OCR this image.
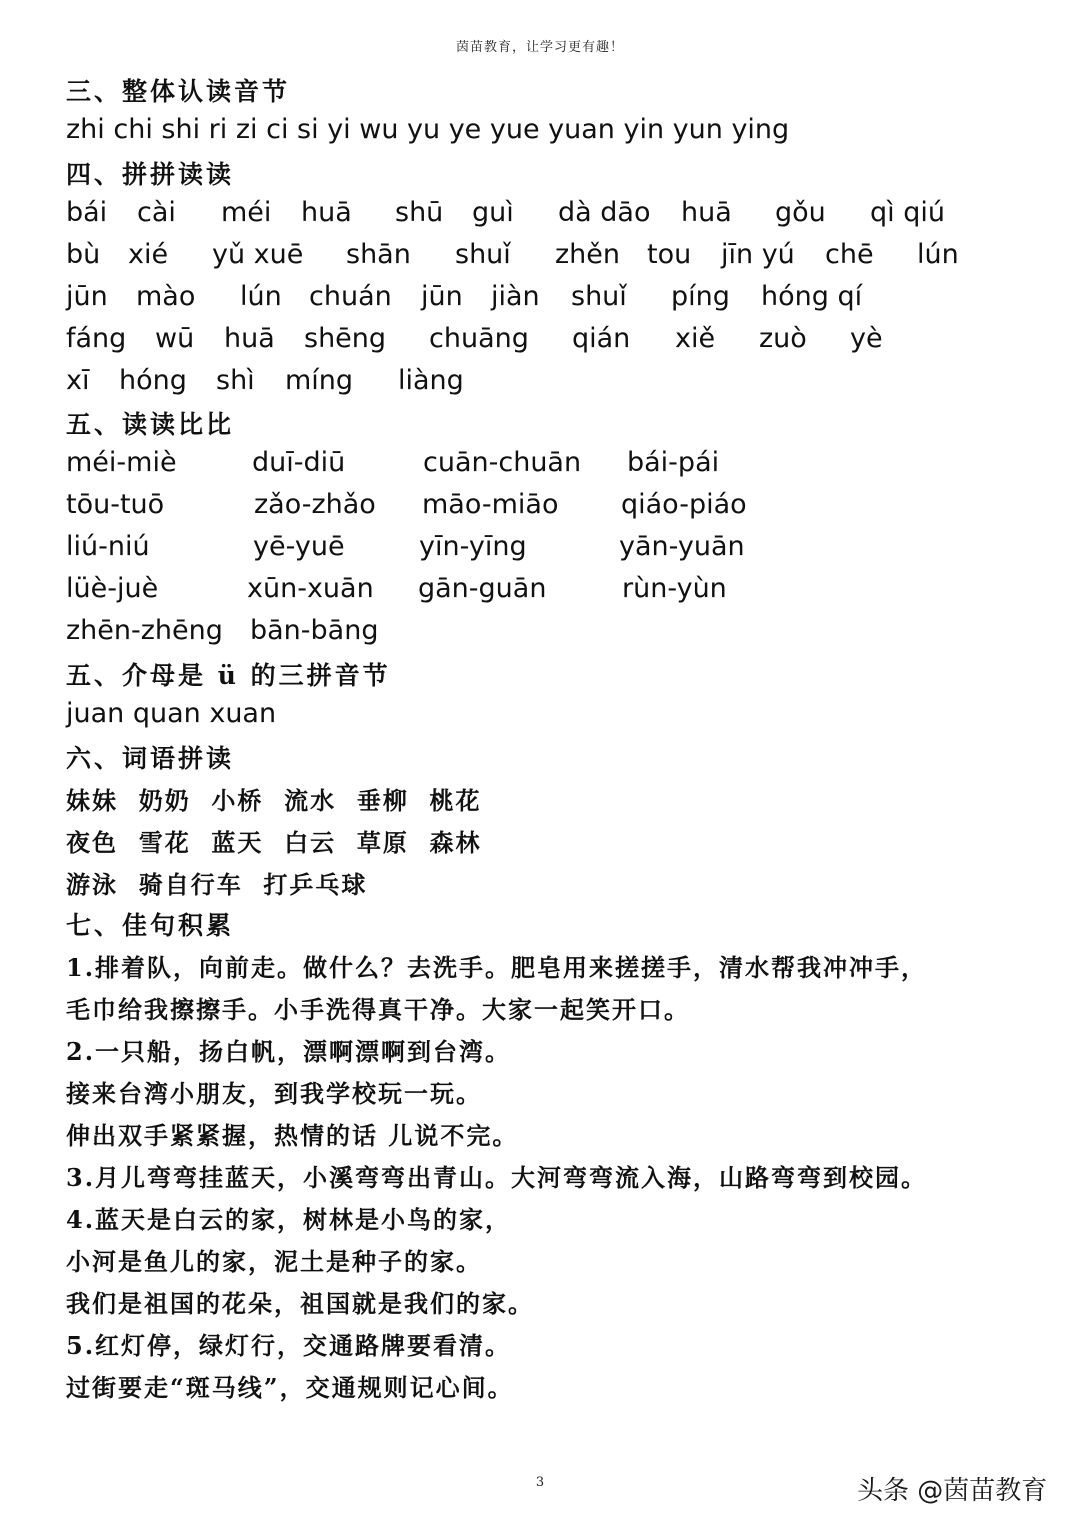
茵苗教育，让学习更有趣！
三、整体认读音节
zhi chi shi ri zi ci si yi wu yu ye yue yuan yin yun ying
四、拼拼读读
bái cài méi huā shū guì dà dāo huā gǒu qì qiú
bù xié yǔ xuē shān shuǐ zhěn tou jīn yú chē lún
jūn mào lún chuán jūn jiàn shuǐ píng hóng qí
fáng wū huā shēng chuāng qián xiě zuò yè
xī hóng shì míng liàng
五、读读比比
méi-miè	duī-diū	cuān-chuān bái-pái
tōu-tuō	zǎo-zhǎo māo-miāo qiáo-piáo
liú-niú	yē-yuē	yīn-yīng	yān-yuān
lüè-juè	xūn-xuān gān-guān	rùn-yùn
zhēn-zhēng bān-bāng
五、介母是 ü 的三拼音节
juan quan xuan
六、词语拼读
妹妹  奶奶  小桥  流水  垂柳  桃花
夜色  雪花  蓝天  白云  草原  森林
游泳  骑自行车  打乒乓球
七、佳句积累
1.排着队，向前走。做什么？去洗手。肥皂用来搓搓手，清水帮我冲冲手，
毛巾给我擦擦手。小手洗得真干净。大家一起笑开口。
2.一只船，扬白帆，漂啊漂啊到台湾。
接来台湾小朋友，到我学校玩一玩。
伸出双手紧紧握，热情的话 儿说不完。
3.月儿弯弯挂蓝天，小溪弯弯出青山。大河弯弯流入海，山路弯弯到校园。
4.蓝天是白云的家，树林是小鸟的家，
小河是鱼儿的家，泥土是种子的家。
我们是祖国的花朵，祖国就是我们的家。
5.红灯停，绿灯行，交通路牌要看清。
过街要走“斑马线”，交通规则记心间。
3	头条 @茵苗教育
